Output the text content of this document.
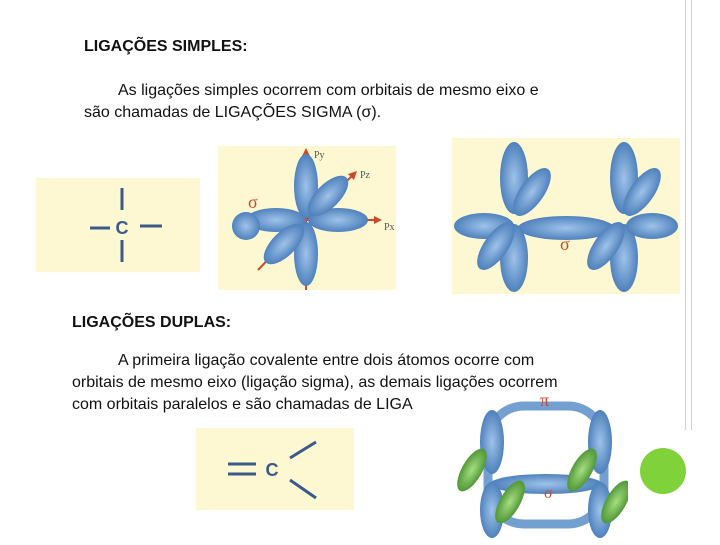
LIGAÇÕES SIMPLES:
As ligações simples ocorrem com orbitais de mesmo eixo e
são chamadas de LIGAÇÕES SIGMA (σ).
C
Py
Pz
Px
σ
σ
LIGAÇÕES DUPLAS:
A primeira ligação covalente entre dois átomos ocorre com
orbitais de mesmo eixo (ligação sigma), as demais ligações ocorrem
com orbitais paralelos e são chamadas de LIGA
C
π
σ
